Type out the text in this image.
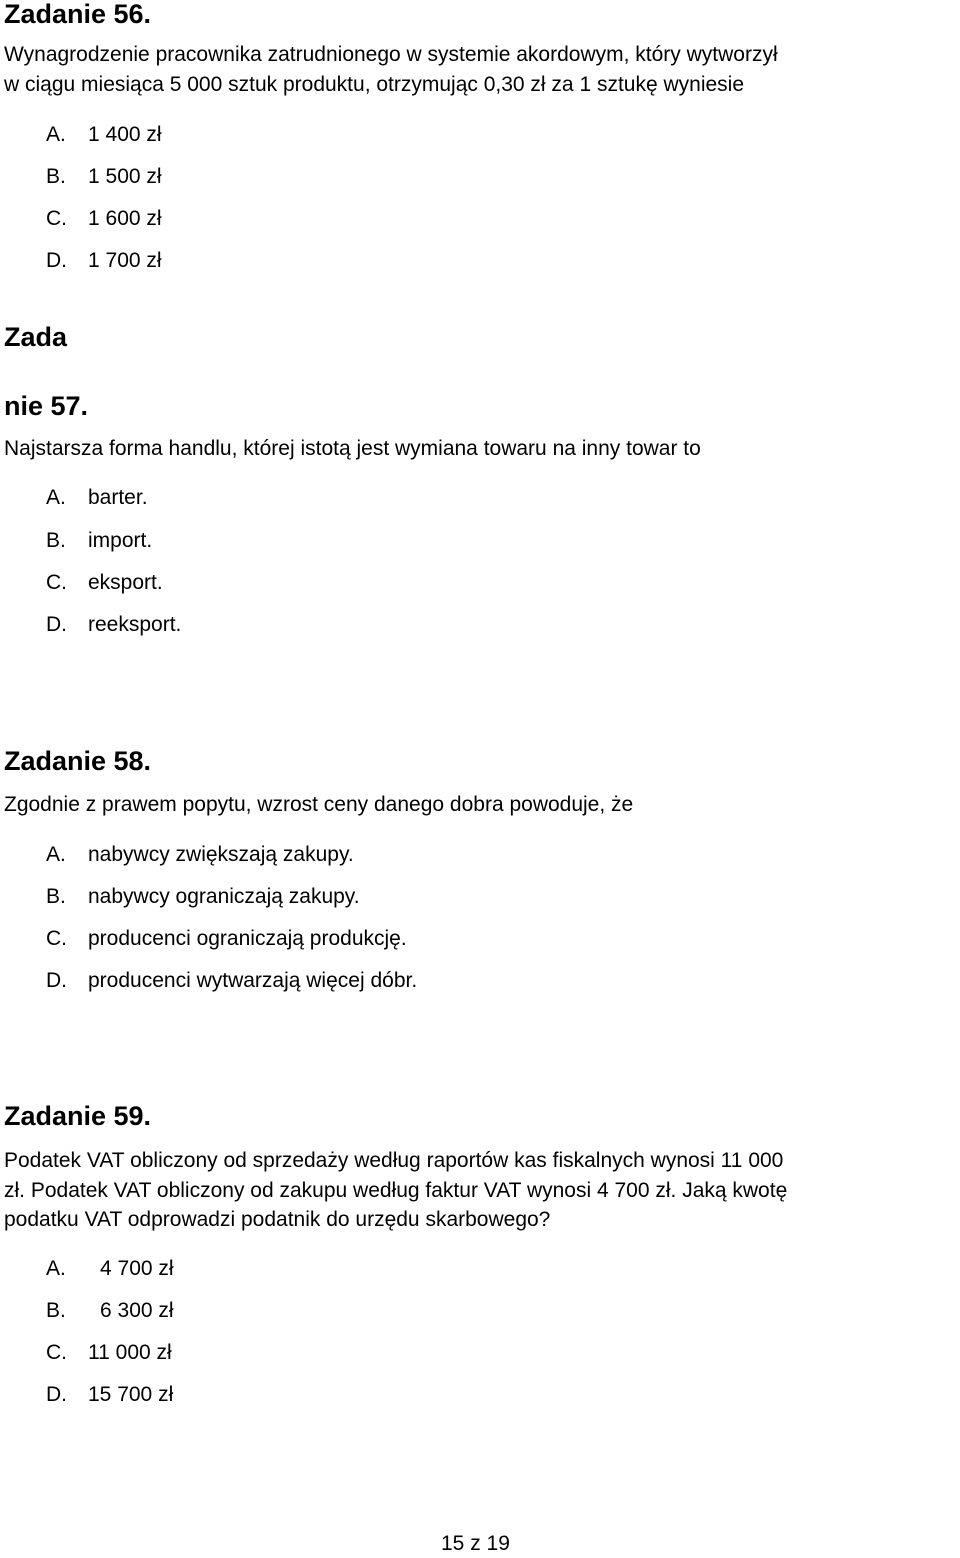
Zadanie 56.
Wynagrodzenie pracownika zatrudnionego w systemie akordowym, który wytworzył
w ciągu miesiąca 5 000 sztuk produktu, otrzymując 0,30 zł za 1 sztukę wyniesie
A. 1 400 zł
B. 1 500 zł
C. 1 600 zł
D. 1 700 zł
Zada
nie 57.
Najstarsza forma handlu, której istotą jest wymiana towaru na inny towar to
A. barter.
B. import.
C. eksport.
D. reeksport.
Zadanie 58.
Zgodnie z prawem popytu, wzrost ceny danego dobra powoduje, że
A. nabywcy zwiększają zakupy.
B. nabywcy ograniczają zakupy.
C. producenci ograniczają produkcję.
D. producenci wytwarzają więcej dóbr.
Zadanie 59.
Podatek VAT obliczony od sprzedaży według raportów kas fiskalnych wynosi 11 000
zł. Podatek VAT obliczony od zakupu według faktur VAT wynosi 4 700 zł. Jaką kwotę
podatku VAT odprowadzi podatnik do urzędu skarbowego?
A. 4 700 zł
B. 6 300 zł
C. 11 000 zł
D. 15 700 zł
15 z 19
